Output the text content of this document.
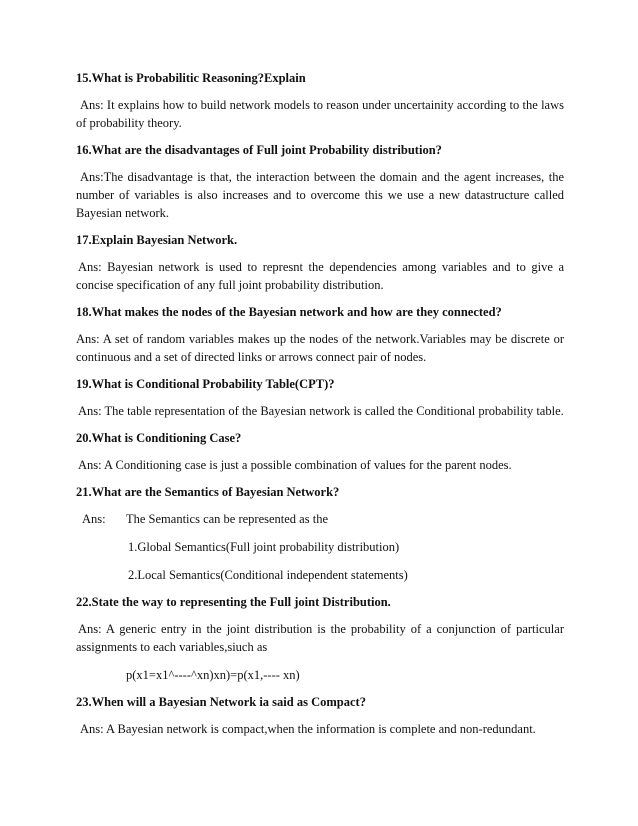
15.What is Probabilitic Reasoning?Explain

Ans: It explains how to build network models to reason under uncertainity according to the laws of probability theory.

16.What are the disadvantages of Full joint Probability distribution?

Ans:The disadvantage is that, the interaction between the domain and the agent increases, the number of variables is also increases and to overcome this we use a new datastructure called Bayesian network.

17.Explain Bayesian Network.

Ans: Bayesian network is used to represnt the dependencies among variables and to give a concise specification of any full joint probability distribution.

18.What makes the nodes of the Bayesian network and how are they connected?

Ans: A set of random variables makes up the nodes of the network.Variables may be discrete or continuous and a set of directed links or arrows connect pair of nodes.

19.What is Conditional Probability Table(CPT)?

Ans: The table representation of the Bayesian network is called the Conditional probability table.

20.What is Conditioning Case?

Ans: A Conditioning case is just a possible combination of values for the parent nodes.

21.What are the Semantics of Bayesian Network?

Ans:	The Semantics can be represented as the

1.Global Semantics(Full joint probability distribution)

2.Local Semantics(Conditional independent statements)

22.State the way to representing the Full joint Distribution.

Ans: A generic entry in the joint distribution is the probability of a conjunction of particular assignments to each variables,siuch as

p(x1=x1^----^xn)xn)=p(x1,---- xn)

23.When will a Bayesian Network ia said as Compact?

Ans: A Bayesian network is compact,when the information is complete and non-redundant.
